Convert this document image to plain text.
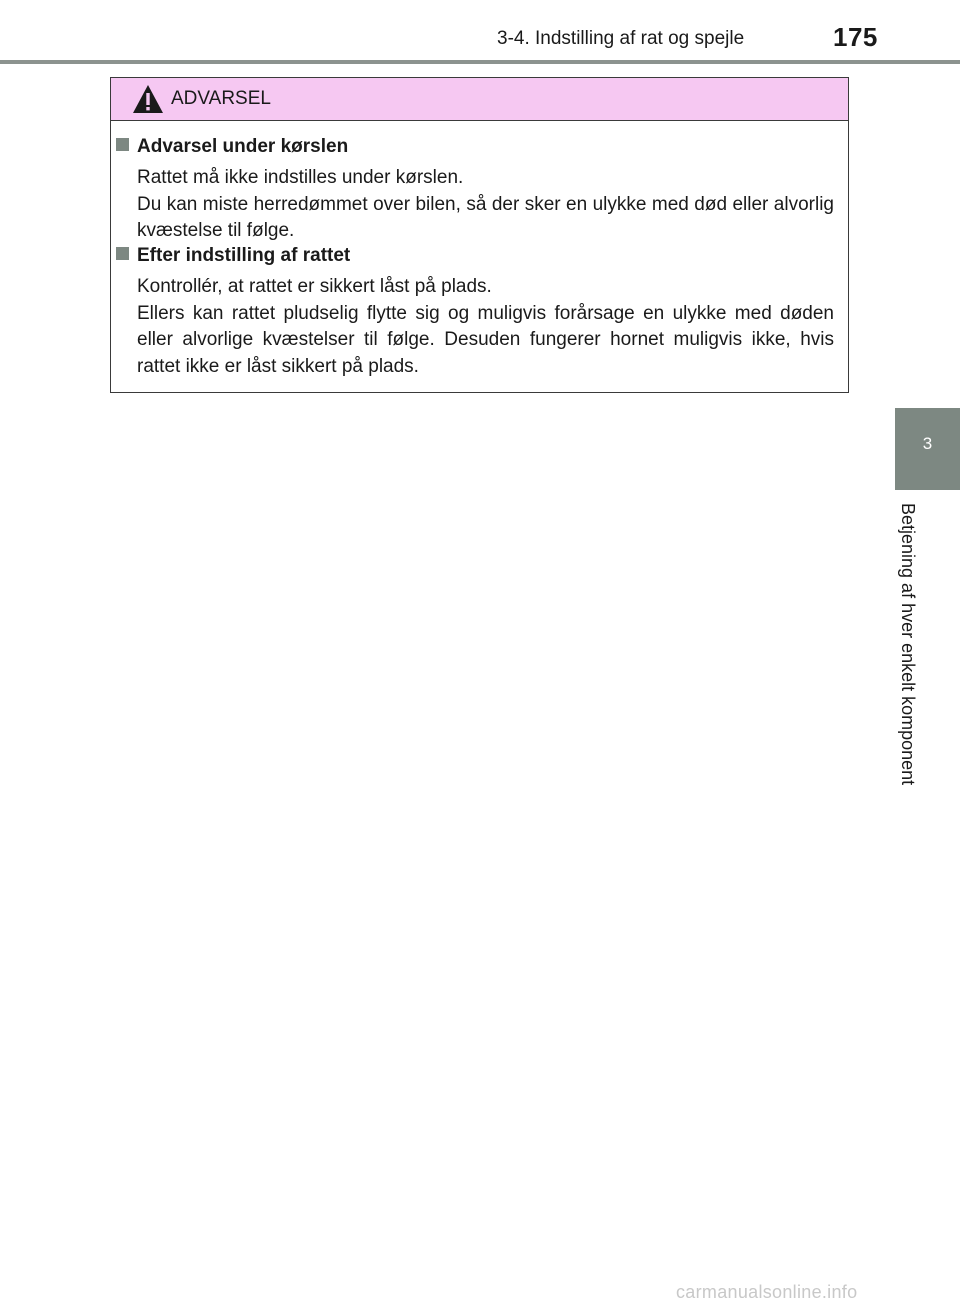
3-4. Indstilling af rat og spejle	175
3
Betjening af hver enkelt komponent
ADVARSEL
Advarsel under kørslen
Rattet må ikke indstilles under kørslen.
Du kan miste herredømmet over bilen, så der sker en ulykke med død eller alvorlig kvæstelse til følge.
Efter indstilling af rattet
Kontrollér, at rattet er sikkert låst på plads.
Ellers kan rattet pludselig flytte sig og muligvis forårsage en ulykke med døden eller alvorlige kvæstelser til følge. Desuden fungerer hornet muligvis ikke, hvis rattet ikke er låst sikkert på plads.
carmanualsonline.info
